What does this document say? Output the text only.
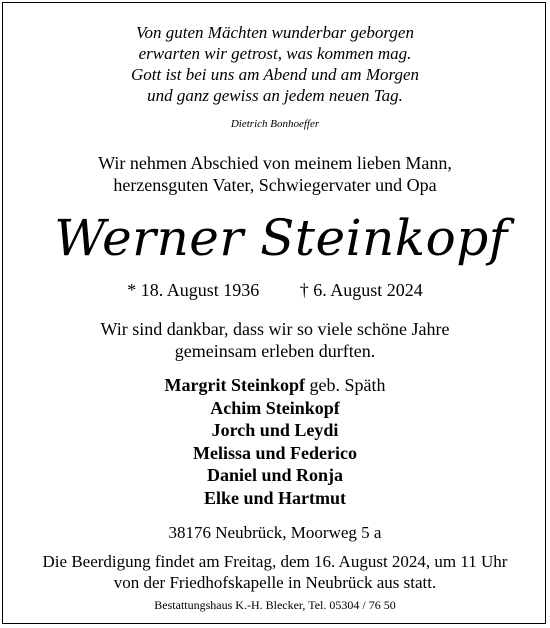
Von guten Mächten wunderbar geborgen
erwarten wir getrost, was kommen mag.
Gott ist bei uns am Abend und am Morgen
und ganz gewiss an jedem neuen Tag.
Dietrich Bonhoeffer
Wir nehmen Abschied von meinem lieben Mann,
herzensguten Vater, Schwiegervater und Opa
Werner Steinkopf
* 18. August 1936 † 6. August 2024
Wir sind dankbar, dass wir so viele schöne Jahre
gemeinsam erleben durften.
Margrit Steinkopf geb. Späth
Achim Steinkopf
Jorch und Leydi
Melissa und Federico
Daniel und Ronja
Elke und Hartmut
38176 Neubrück, Moorweg 5 a
Die Beerdigung findet am Freitag, dem 16. August 2024, um 11 Uhr
von der Friedhofskapelle in Neubrück aus statt.
Bestattungshaus K.-H. Blecker, Tel. 05304 / 76 50
